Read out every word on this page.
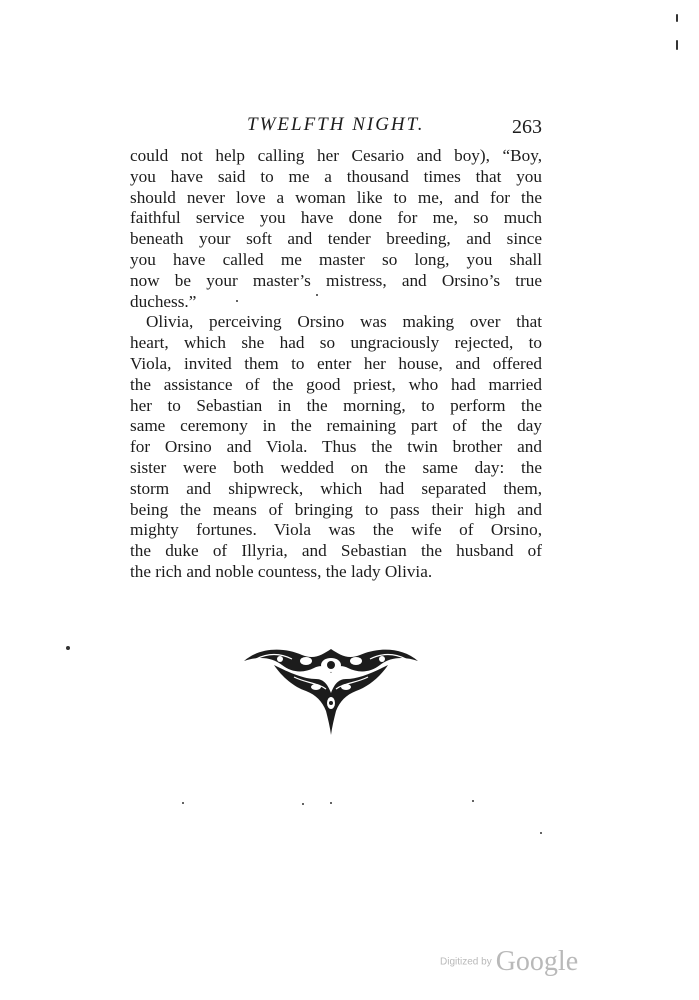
TWELFTH NIGHT.	263
could not help calling her Cesario and boy), “Boy,
you have said to me a thousand times that you
should never love a woman like to me, and for the
faithful service you have done for me, so much
beneath your soft and tender breeding, and since
you have called me master so long, you shall
now be your master’s mistress, and Orsino’s true
duchess.”
Olivia, perceiving Orsino was making over that
heart, which she had so ungraciously rejected, to
Viola, invited them to enter her house, and offered
the assistance of the good priest, who had married
her to Sebastian in the morning, to perform the
same ceremony in the remaining part of the day
for Orsino and Viola. Thus the twin brother and
sister were both wedded on the same day: the
storm and shipwreck, which had separated them,
being the means of bringing to pass their high and
mighty fortunes. Viola was the wife of Orsino,
the duke of Illyria, and Sebastian the husband of
the rich and noble countess, the lady Olivia.
Digitized by Google
